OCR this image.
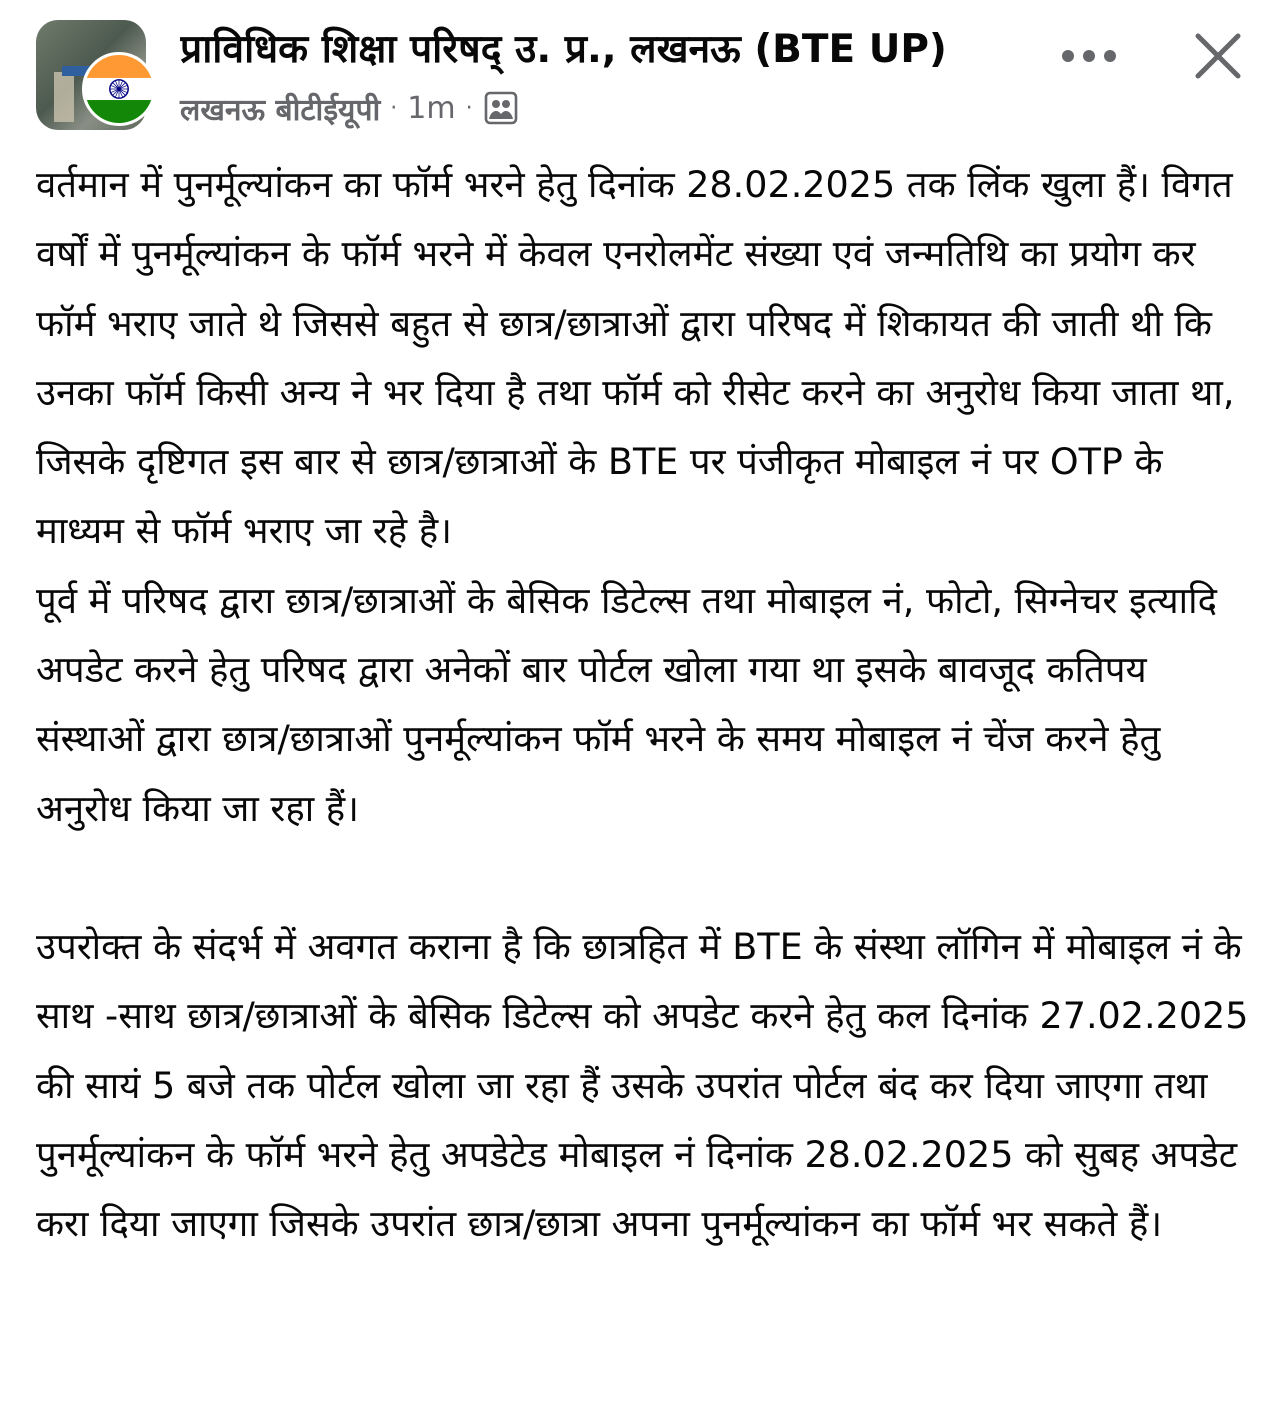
प्राविधिक शिक्षा परिषद् उ. प्र., लखनऊ (BTE UP)
लखनऊ बीटीईयूपी · 1m ·

वर्तमान में पुनर्मूल्यांकन का फॉर्म भरने हेतु दिनांक 28.02.2025 तक लिंक खुला हैं। विगत वर्षों में पुनर्मूल्यांकन के फॉर्म भरने में केवल एनरोलमेंट संख्या एवं जन्मतिथि का प्रयोग कर फॉर्म भराए जाते थे जिससे बहुत से छात्र/छात्राओं द्वारा परिषद में शिकायत की जाती थी कि उनका फॉर्म किसी अन्य ने भर दिया है तथा फॉर्म को रीसेट करने का अनुरोध किया जाता था, जिसके दृष्टिगत इस बार से छात्र/छात्राओं के BTE पर पंजीकृत मोबाइल नं पर OTP के माध्यम से फॉर्म भराए जा रहे है।

पूर्व में परिषद द्वारा छात्र/छात्राओं के बेसिक डिटेल्स तथा मोबाइल नं, फोटो, सिग्नेचर इत्यादि अपडेट करने हेतु परिषद द्वारा अनेकों बार पोर्टल खोला गया था इसके बावजूद कतिपय संस्थाओं द्वारा छात्र/छात्राओं पुनर्मूल्यांकन फॉर्म भरने के समय मोबाइल नं चेंज करने हेतु अनुरोध किया जा रहा हैं।

उपरोक्त के संदर्भ में अवगत कराना है कि छात्रहित में BTE के संस्था लॉगिन में मोबाइल नं के साथ -साथ छात्र/छात्राओं के बेसिक डिटेल्स को अपडेट करने हेतु कल दिनांक 27.02.2025 की सायं 5 बजे तक पोर्टल खोला जा रहा हैं उसके उपरांत पोर्टल बंद कर दिया जाएगा तथा पुनर्मूल्यांकन के फॉर्म भरने हेतु अपडेटेड मोबाइल नं दिनांक 28.02.2025 को सुबह अपडेट करा दिया जाएगा जिसके उपरांत छात्र/छात्रा अपना पुनर्मूल्यांकन का फॉर्म भर सकते हैं।
